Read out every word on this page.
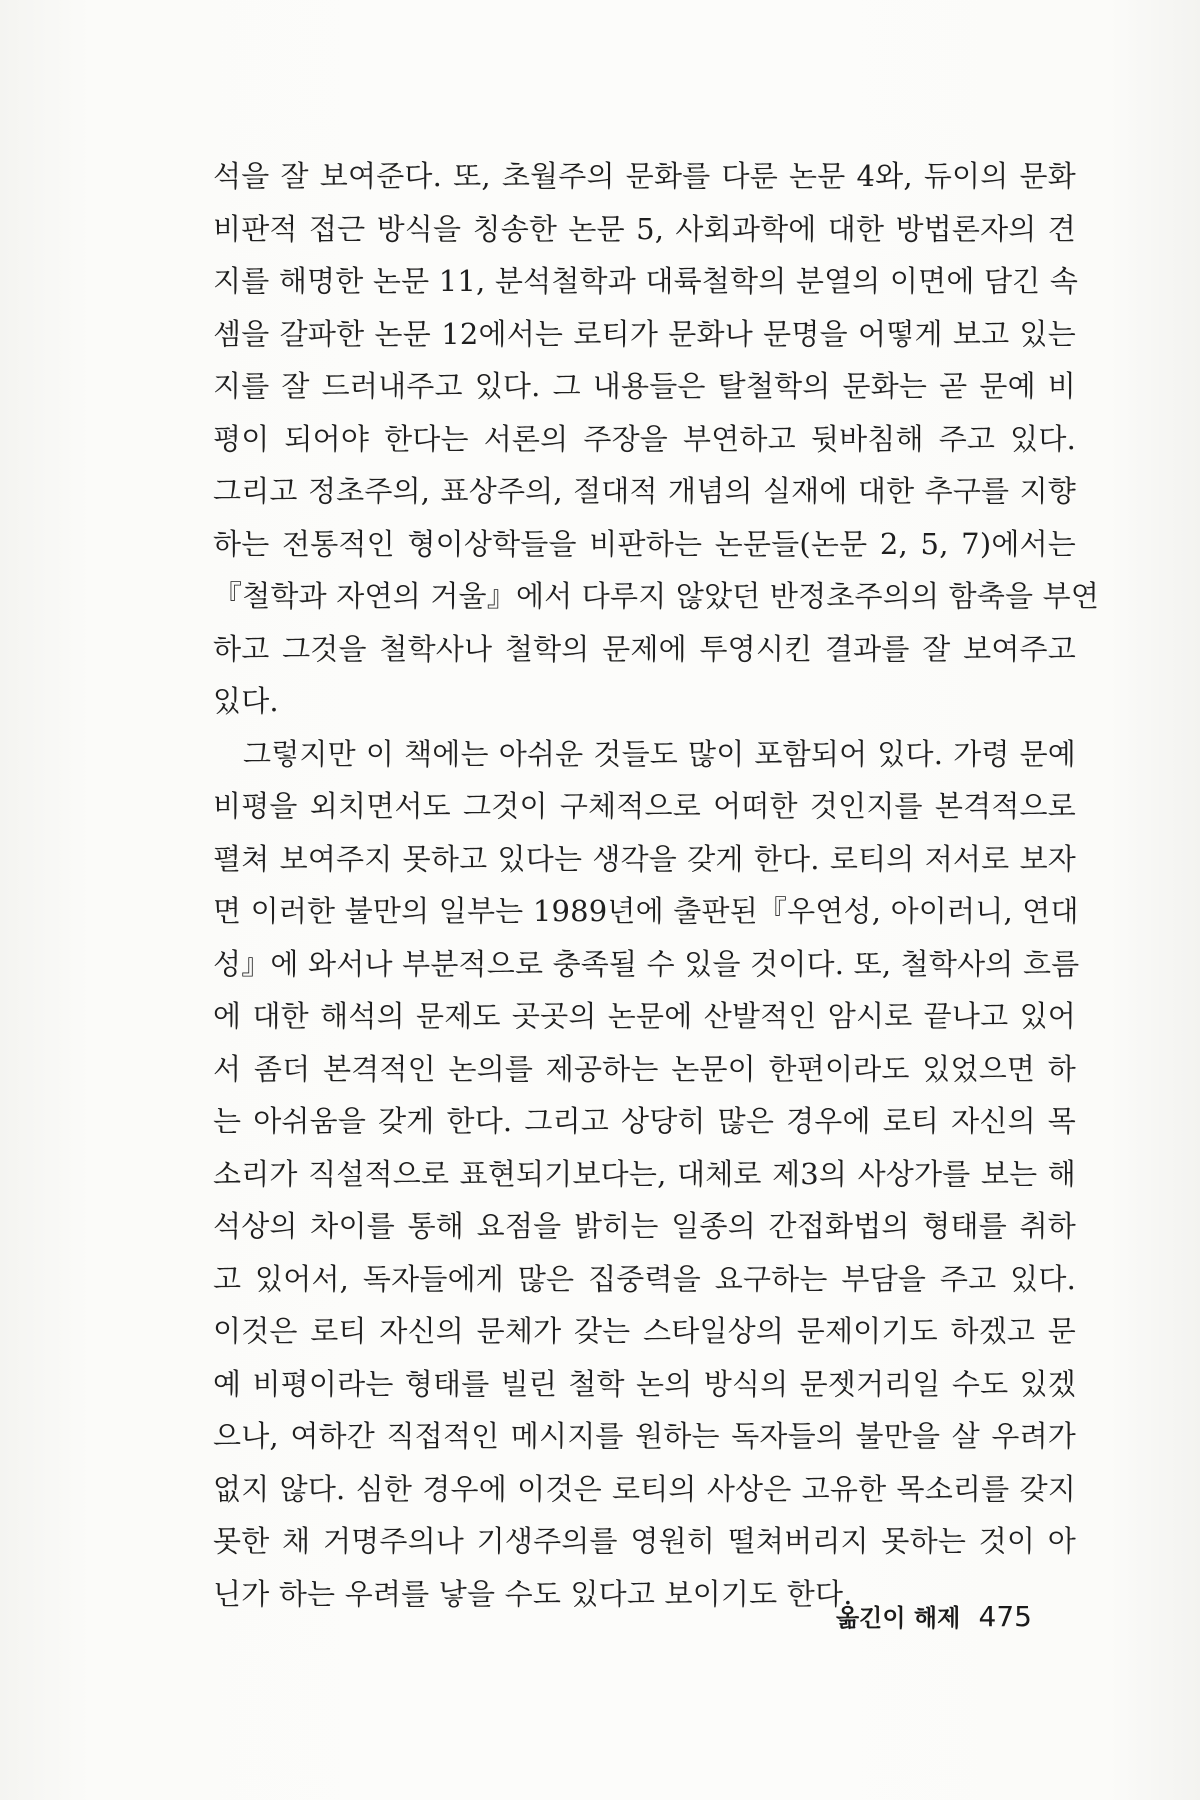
석을 잘 보여준다. 또, 초월주의 문화를 다룬 논문 4와, 듀이의 문화
비판적 접근 방식을 칭송한 논문 5, 사회과학에 대한 방법론자의 견
지를 해명한 논문 11, 분석철학과 대륙철학의 분열의 이면에 담긴 속
셈을 갈파한 논문 12에서는 로티가 문화나 문명을 어떻게 보고 있는
지를 잘 드러내주고 있다. 그 내용들은 탈철학의 문화는 곧 문예 비
평이 되어야 한다는 서론의 주장을 부연하고 뒷바침해 주고 있다.
그리고 정초주의, 표상주의, 절대적 개념의 실재에 대한 추구를 지향
하는 전통적인 형이상학들을 비판하는 논문들(논문 2, 5, 7)에서는
『철학과 자연의 거울』에서 다루지 않았던 반정초주의의 함축을 부연
하고 그것을 철학사나 철학의 문제에 투영시킨 결과를 잘 보여주고
있다.
그렇지만 이 책에는 아쉬운 것들도 많이 포함되어 있다. 가령 문예
비평을 외치면서도 그것이 구체적으로 어떠한 것인지를 본격적으로
펼쳐 보여주지 못하고 있다는 생각을 갖게 한다. 로티의 저서로 보자
면 이러한 불만의 일부는 1989년에 출판된『우연성, 아이러니, 연대
성』에 와서나 부분적으로 충족될 수 있을 것이다. 또, 철학사의 흐름
에 대한 해석의 문제도 곳곳의 논문에 산발적인 암시로 끝나고 있어
서 좀더 본격적인 논의를 제공하는 논문이 한편이라도 있었으면 하
는 아쉬움을 갖게 한다. 그리고 상당히 많은 경우에 로티 자신의 목
소리가 직설적으로 표현되기보다는, 대체로 제3의 사상가를 보는 해
석상의 차이를 통해 요점을 밝히는 일종의 간접화법의 형태를 취하
고 있어서, 독자들에게 많은 집중력을 요구하는 부담을 주고 있다.
이것은 로티 자신의 문체가 갖는 스타일상의 문제이기도 하겠고 문
예 비평이라는 형태를 빌린 철학 논의 방식의 문젯거리일 수도 있겠
으나, 여하간 직접적인 메시지를 원하는 독자들의 불만을 살 우려가
없지 않다. 심한 경우에 이것은 로티의 사상은 고유한 목소리를 갖지
못한 채 거명주의나 기생주의를 영원히 떨쳐버리지 못하는 것이 아
닌가 하는 우려를 낳을 수도 있다고 보이기도 한다.
옮긴이 해제 475
